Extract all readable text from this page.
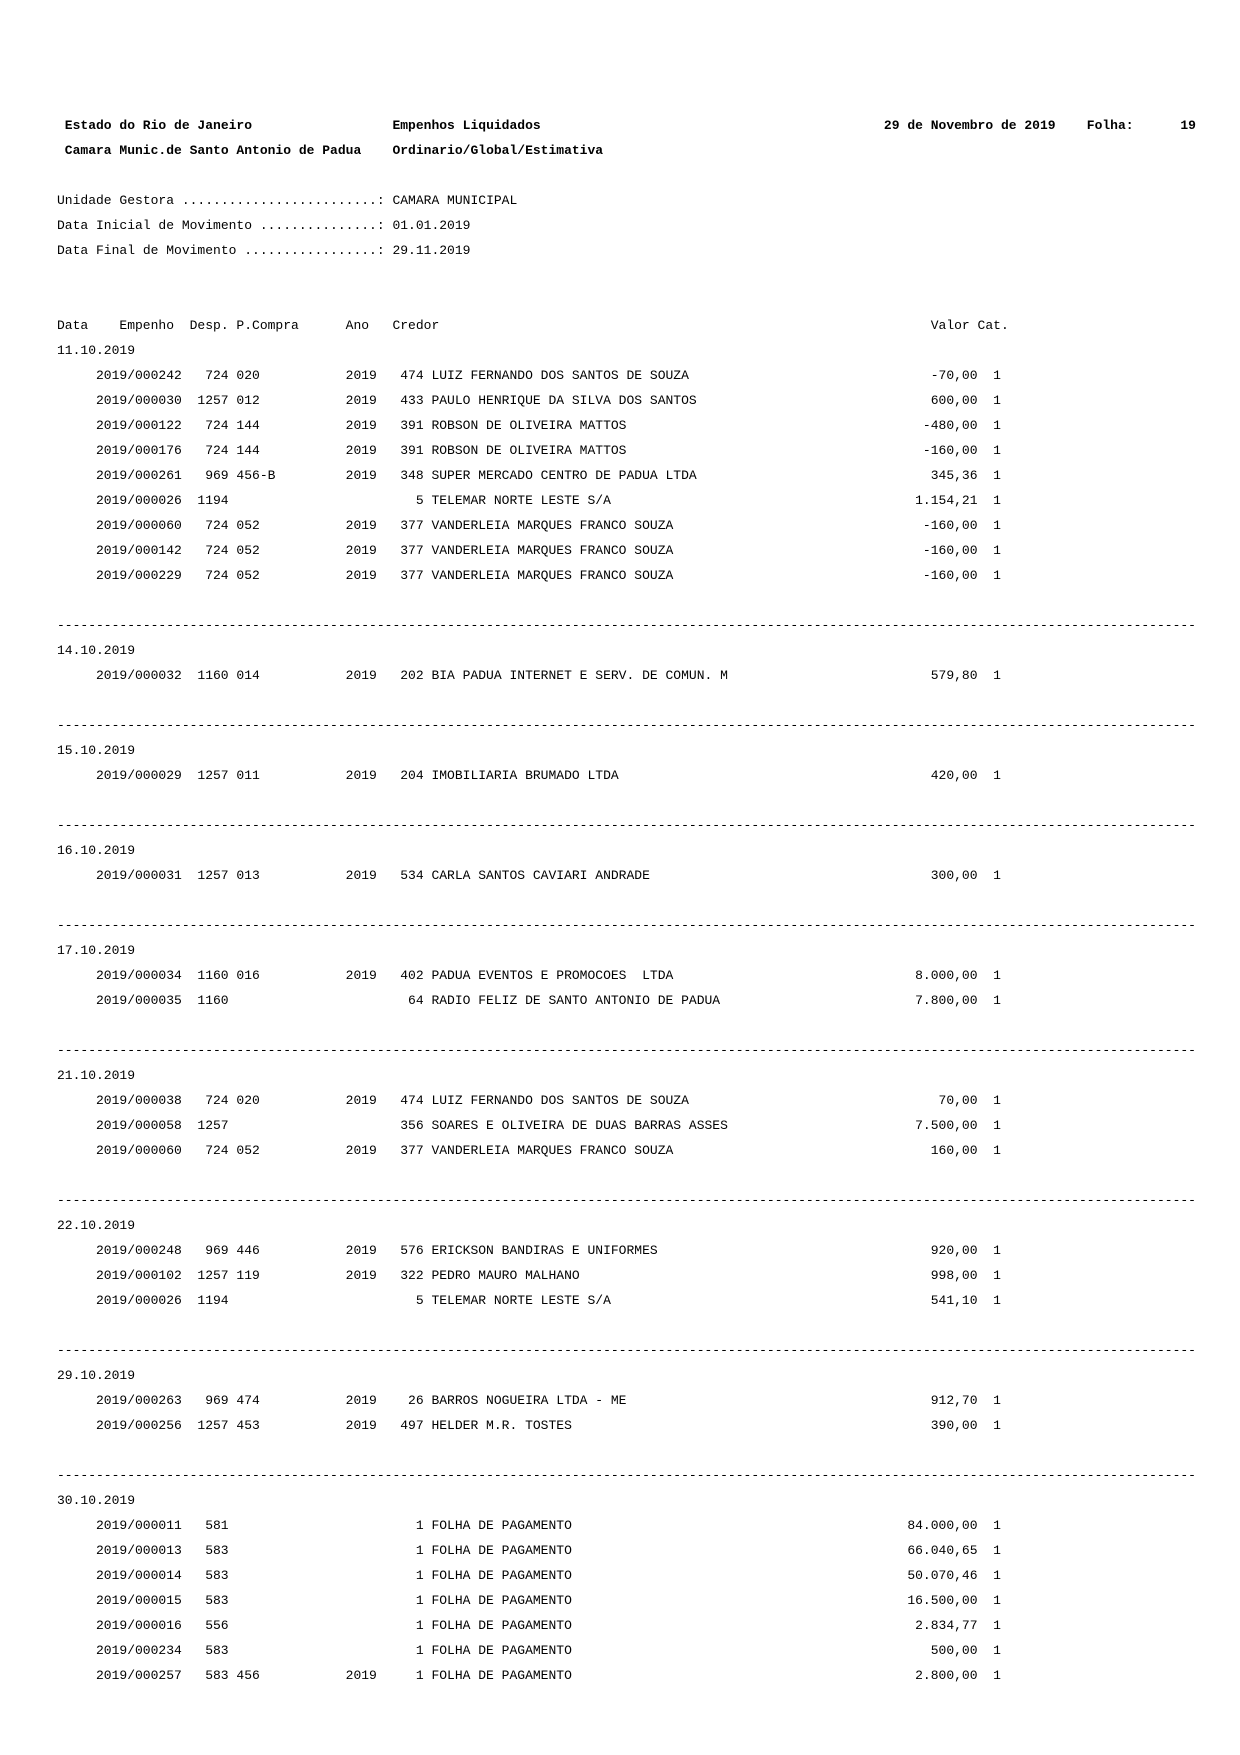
Estado do Rio de Janeiro	Empenhos Liquidados	29 de Novembro de 2019 Folha:	19
Camara Munic.de Santo Antonio de Padua Ordinario/Global/Estimativa
Unidade Gestora .........................: CAMARA MUNICIPAL
Data Inicial de Movimento ...............: 01.01.2019
Data Final de Movimento .................: 29.11.2019
Data Empenho Desp. P.Compra	Ano Credor	Valor Cat.
11.10.2019
2019/000242	724 020	2019	474 LUIZ FERNANDO DOS SANTOS DE SOUZA	-70,00 1
2019/000030	1257 012	2019	433 PAULO HENRIQUE DA SILVA DOS SANTOS	600,00 1
2019/000122	724 144	2019	391 ROBSON DE OLIVEIRA MATTOS	-480,00 1
2019/000176	724 144	2019	391 ROBSON DE OLIVEIRA MATTOS	-160,00 1
2019/000261	969 456-B	2019	348 SUPER MERCADO CENTRO DE PADUA LTDA	345,36 1
2019/000026	1194	5 TELEMAR NORTE LESTE S/A	1.154,21 1
2019/000060	724 052	2019	377 VANDERLEIA MARQUES FRANCO SOUZA	-160,00 1
2019/000142	724 052	2019	377 VANDERLEIA MARQUES FRANCO SOUZA	-160,00 1
2019/000229	724 052	2019	377 VANDERLEIA MARQUES FRANCO SOUZA	-160,00 1
--------------------------------------------------------------------------------------------------------------------------------------------------
14.10.2019
2019/000032	1160 014	2019	202 BIA PADUA INTERNET E SERV. DE COMUN. M	579,80 1
--------------------------------------------------------------------------------------------------------------------------------------------------
15.10.2019
2019/000029	1257 011	2019	204 IMOBILIARIA BRUMADO LTDA	420,00 1
--------------------------------------------------------------------------------------------------------------------------------------------------
16.10.2019
2019/000031	1257 013	2019	534 CARLA SANTOS CAVIARI ANDRADE	300,00 1
--------------------------------------------------------------------------------------------------------------------------------------------------
17.10.2019
2019/000034	1160 016	2019	402 PADUA EVENTOS E PROMOCOES  LTDA	8.000,00 1
2019/000035	1160	64 RADIO FELIZ DE SANTO ANTONIO DE PADUA	7.800,00 1
--------------------------------------------------------------------------------------------------------------------------------------------------
21.10.2019
2019/000038	724 020	2019	474 LUIZ FERNANDO DOS SANTOS DE SOUZA	70,00 1
2019/000058	1257	356 SOARES E OLIVEIRA DE DUAS BARRAS ASSES	7.500,00 1
2019/000060	724 052	2019	377 VANDERLEIA MARQUES FRANCO SOUZA	160,00 1
--------------------------------------------------------------------------------------------------------------------------------------------------
22.10.2019
2019/000248	969 446	2019	576 ERICKSON BANDIRAS E UNIFORMES	920,00 1
2019/000102	1257 119	2019	322 PEDRO MAURO MALHANO	998,00 1
2019/000026	1194	5 TELEMAR NORTE LESTE S/A	541,10 1
--------------------------------------------------------------------------------------------------------------------------------------------------
29.10.2019
2019/000263	969 474	2019	26 BARROS NOGUEIRA LTDA - ME	912,70 1
2019/000256	1257 453	2019	497 HELDER M.R. TOSTES	390,00 1
--------------------------------------------------------------------------------------------------------------------------------------------------
30.10.2019
2019/000011	581	1 FOLHA DE PAGAMENTO	84.000,00 1
2019/000013	583	1 FOLHA DE PAGAMENTO	66.040,65 1
2019/000014	583	1 FOLHA DE PAGAMENTO	50.070,46 1
2019/000015	583	1 FOLHA DE PAGAMENTO	16.500,00 1
2019/000016	556	1 FOLHA DE PAGAMENTO	2.834,77 1
2019/000234	583	1 FOLHA DE PAGAMENTO	500,00 1
2019/000257	583 456	2019	1 FOLHA DE PAGAMENTO	2.800,00 1
